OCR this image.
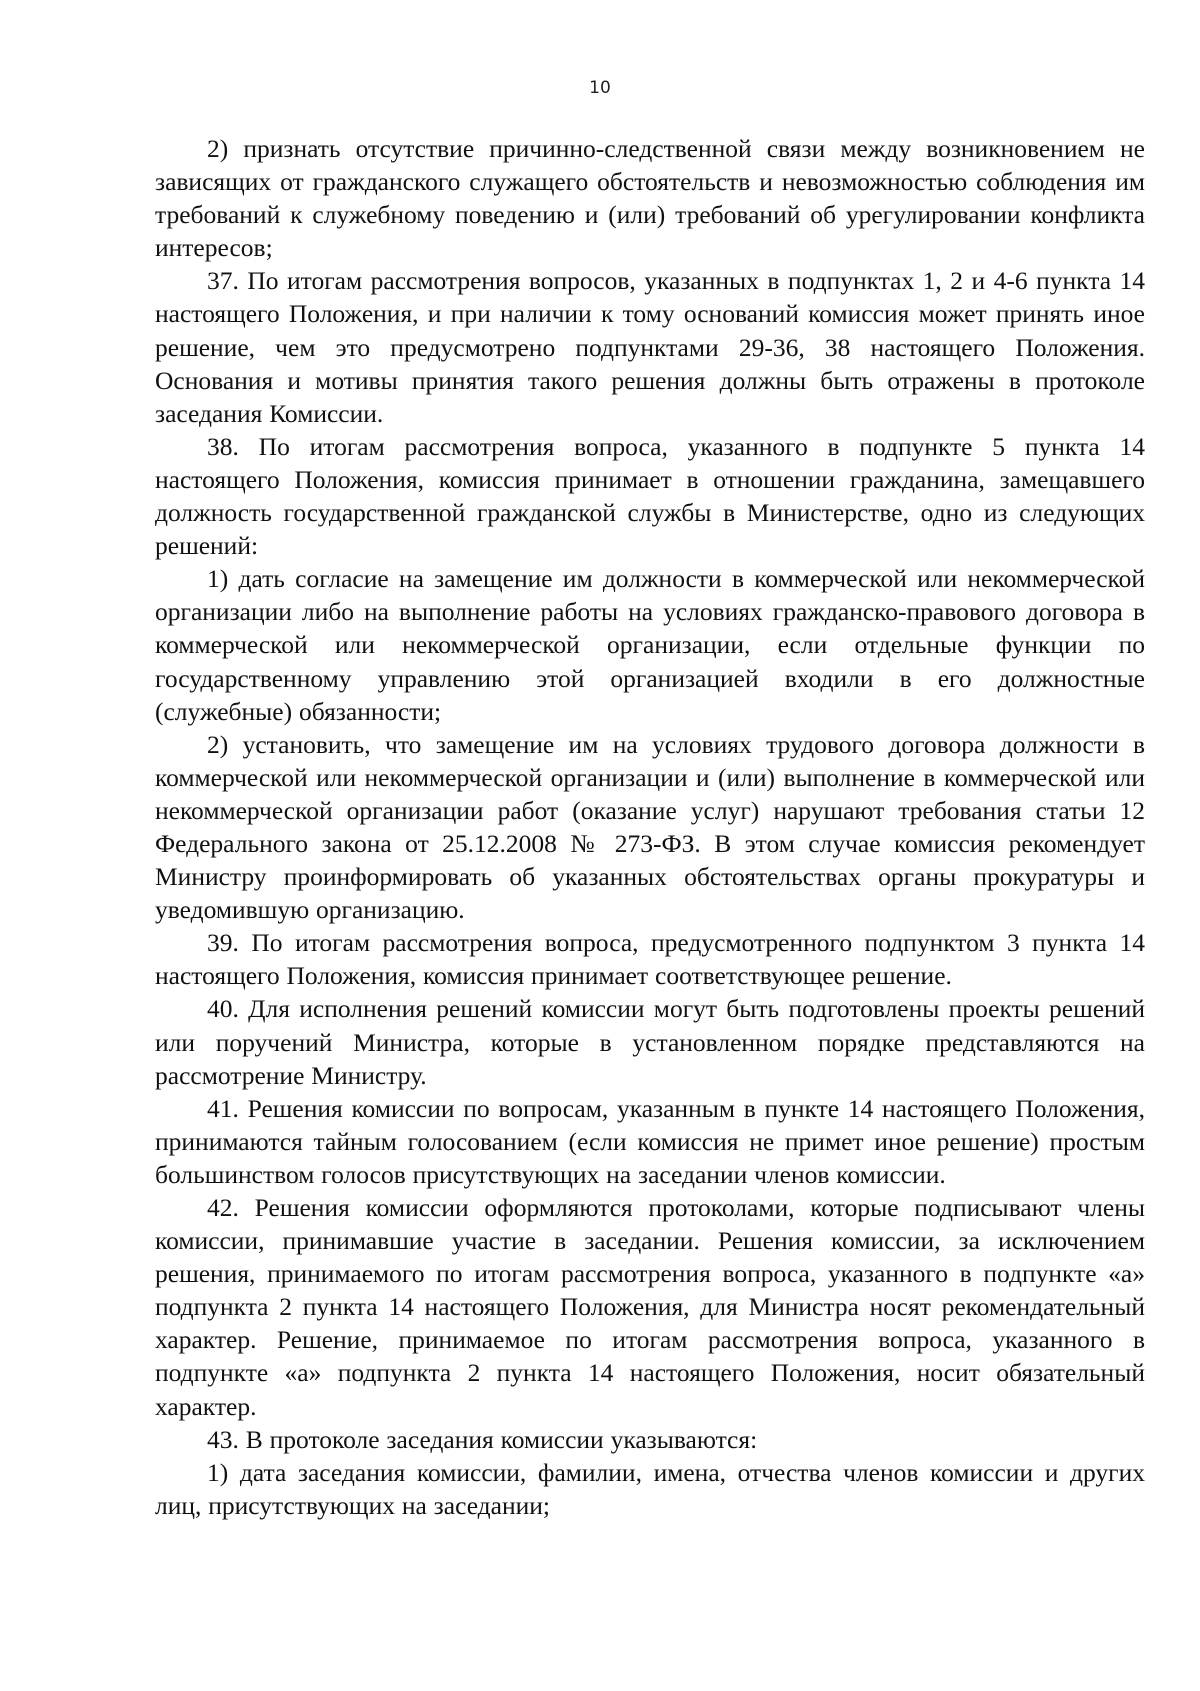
10

2) признать отсутствие причинно-следственной связи между возникновением не зависящих от гражданского служащего обстоятельств и невозможностью соблюдения им требований к служебному поведению и (или) требований об урегулировании конфликта интересов;

37. По итогам рассмотрения вопросов, указанных в подпунктах 1, 2 и 4-6 пункта 14 настоящего Положения, и при наличии к тому оснований комиссия может принять иное решение, чем это предусмотрено подпунктами 29-36, 38 настоящего Положения. Основания и мотивы принятия такого решения должны быть отражены в протоколе заседания Комиссии.

38. По итогам рассмотрения вопроса, указанного в подпункте 5 пункта 14 настоящего Положения, комиссия принимает в отношении гражданина, замещавшего должность государственной гражданской службы в Министерстве, одно из следующих решений:

1) дать согласие на замещение им должности в коммерческой или некоммерческой организации либо на выполнение работы на условиях гражданско-правового договора в коммерческой или некоммерческой организации, если отдельные функции по государственному управлению этой организацией входили в его должностные (служебные) обязанности;

2) установить, что замещение им на условиях трудового договора должности в коммерческой или некоммерческой организации и (или) выполнение в коммерческой или некоммерческой организации работ (оказание услуг) нарушают требования статьи 12 Федерального закона от 25.12.2008 № 273-ФЗ. В этом случае комиссия рекомендует Министру проинформировать об указанных обстоятельствах органы прокуратуры и уведомившую организацию.

39. По итогам рассмотрения вопроса, предусмотренного подпунктом 3 пункта 14 настоящего Положения, комиссия принимает соответствующее решение.

40. Для исполнения решений комиссии могут быть подготовлены проекты решений или поручений Министра, которые в установленном порядке представляются на рассмотрение Министру.

41. Решения комиссии по вопросам, указанным в пункте 14 настоящего Положения, принимаются тайным голосованием (если комиссия не примет иное решение) простым большинством голосов присутствующих на заседании членов комиссии.

42. Решения комиссии оформляются протоколами, которые подписывают члены комиссии, принимавшие участие в заседании. Решения комиссии, за исключением решения, принимаемого по итогам рассмотрения вопроса, указанного в подпункте «а» подпункта 2 пункта 14 настоящего Положения, для Министра носят рекомендательный характер. Решение, принимаемое по итогам рассмотрения вопроса, указанного в подпункте «а» подпункта 2 пункта 14 настоящего Положения, носит обязательный характер.

43. В протоколе заседания комиссии указываются:

1) дата заседания комиссии, фамилии, имена, отчества членов комиссии и других лиц, присутствующих на заседании;
